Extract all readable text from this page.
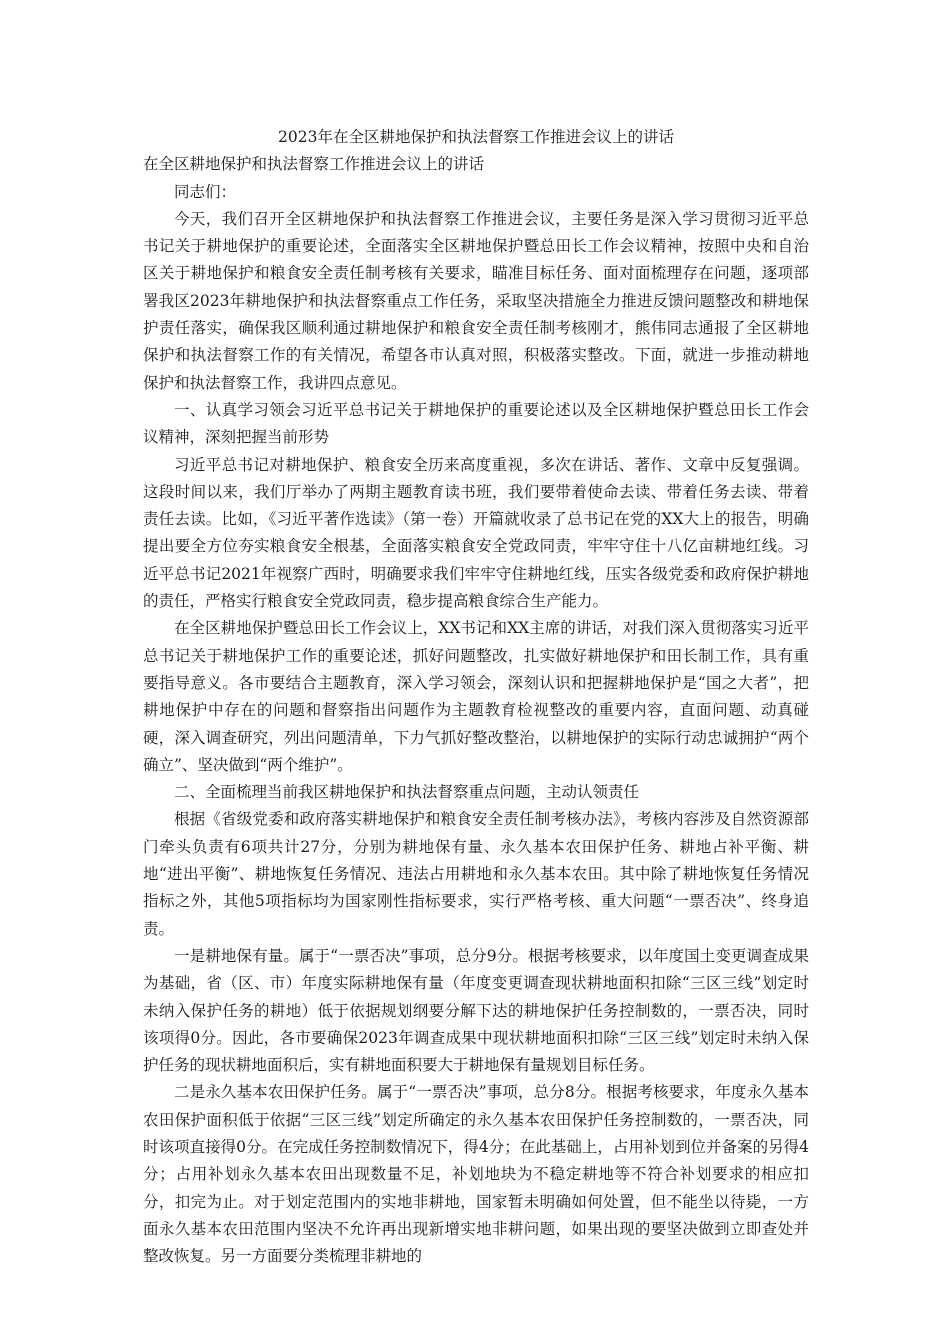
2023年在全区耕地保护和执法督察工作推进会议上的讲话

在全区耕地保护和执法督察工作推进会议上的讲话

同志们：

今天，我们召开全区耕地保护和执法督察工作推进会议，主要任务是深入学习贯彻习近平总书记关于耕地保护的重要论述，全面落实全区耕地保护暨总田长工作会议精神，按照中央和自治区关于耕地保护和粮食安全责任制考核有关要求，瞄准目标任务、面对面梳理存在问题，逐项部署我区2023年耕地保护和执法督察重点工作任务，采取坚决措施全力推进反馈问题整改和耕地保护责任落实，确保我区顺利通过耕地保护和粮食安全责任制考核刚才，熊伟同志通报了全区耕地保护和执法督察工作的有关情况，希望各市认真对照，积极落实整改。下面，就进一步推动耕地保护和执法督察工作，我讲四点意见。

一、认真学习领会习近平总书记关于耕地保护的重要论述以及全区耕地保护暨总田长工作会议精神，深刻把握当前形势

习近平总书记对耕地保护、粮食安全历来高度重视，多次在讲话、著作、文章中反复强调。这段时间以来，我们厅举办了两期主题教育读书班，我们要带着使命去读、带着任务去读、带着责任去读。比如，《习近平著作选读》（第一卷）开篇就收录了总书记在党的XX大上的报告，明确提出要全方位夯实粮食安全根基，全面落实粮食安全党政同责，牢牢守住十八亿亩耕地红线。习近平总书记2021年视察广西时，明确要求我们牢牢守住耕地红线，压实各级党委和政府保护耕地的责任，严格实行粮食安全党政同责，稳步提高粮食综合生产能力。

在全区耕地保护暨总田长工作会议上，XX书记和XX主席的讲话，对我们深入贯彻落实习近平总书记关于耕地保护工作的重要论述，抓好问题整改，扎实做好耕地保护和田长制工作，具有重要指导意义。各市要结合主题教育，深入学习领会，深刻认识和把握耕地保护是“国之大者”，把耕地保护中存在的问题和督察指出问题作为主题教育检视整改的重要内容，直面问题、动真碰硬，深入调查研究，列出问题清单，下力气抓好整改整治，以耕地保护的实际行动忠诚拥护“两个确立”、坚决做到“两个维护”。

二、全面梳理当前我区耕地保护和执法督察重点问题，主动认领责任

根据《省级党委和政府落实耕地保护和粮食安全责任制考核办法》，考核内容涉及自然资源部门牵头负责有6项共计27分，分别为耕地保有量、永久基本农田保护任务、耕地占补平衡、耕地“进出平衡”、耕地恢复任务情况、违法占用耕地和永久基本农田。其中除了耕地恢复任务情况指标之外，其他5项指标均为国家刚性指标要求，实行严格考核、重大问题“一票否决”、终身追责。

一是耕地保有量。属于“一票否决”事项，总分9分。根据考核要求，以年度国土变更调查成果为基础，省（区、市）年度实际耕地保有量（年度变更调查现状耕地面积扣除“三区三线”划定时未纳入保护任务的耕地）低于依据规划纲要分解下达的耕地保护任务控制数的，一票否决，同时该项得0分。因此，各市要确保2023年调查成果中现状耕地面积扣除“三区三线”划定时未纳入保护任务的现状耕地面积后，实有耕地面积要大于耕地保有量规划目标任务。

二是永久基本农田保护任务。属于“一票否决”事项，总分8分。根据考核要求，年度永久基本农田保护面积低于依据“三区三线”划定所确定的永久基本农田保护任务控制数的，一票否决，同时该项直接得0分。在完成任务控制数情况下，得4分；在此基础上，占用补划到位并备案的另得4分；占用补划永久基本农田出现数量不足，补划地块为不稳定耕地等不符合补划要求的相应扣分，扣完为止。对于划定范围内的实地非耕地，国家暂未明确如何处置，但不能坐以待毙，一方面永久基本农田范围内坚决不允许再出现新增实地非耕问题，如果出现的要坚决做到立即查处并整改恢复。另一方面要分类梳理非耕地的
